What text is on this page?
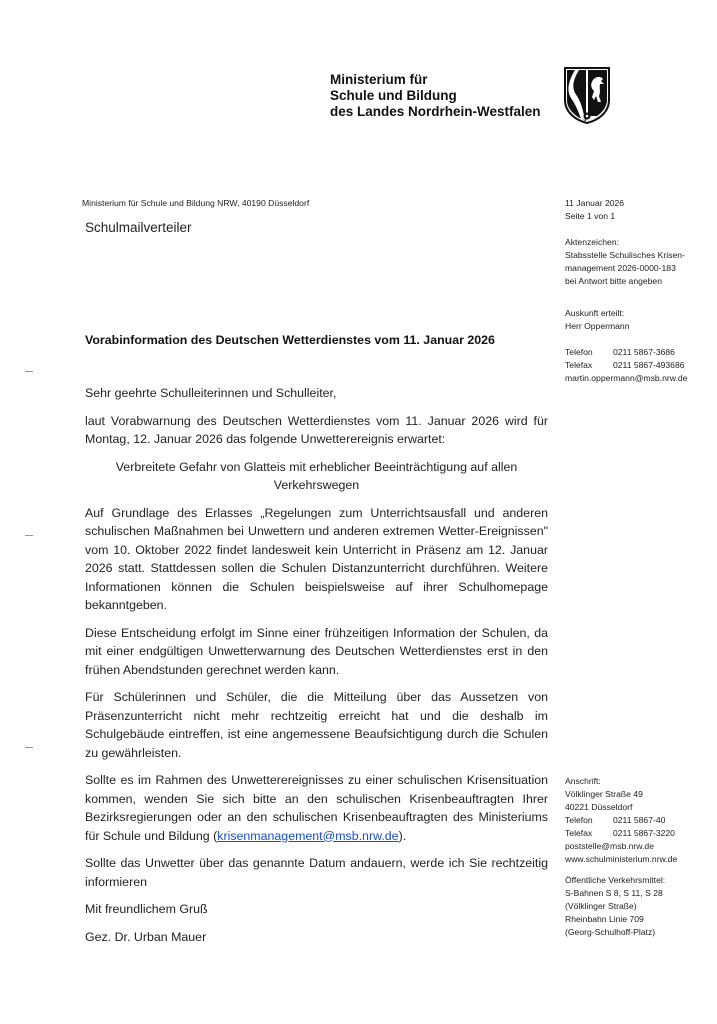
Ministerium für
Schule und Bildung
des Landes Nordrhein-Westfalen
Ministerium für Schule und Bildung NRW, 40190 Düsseldorf
Schulmailverteiler
11 Januar 2026
Seite 1 von 1
Aktenzeichen:
Stabsstelle Schulisches Krisen-
management 2026-0000-183
bei Antwort bitte angeben
Auskunft erteilt:
Herr Oppermann
Telefon	0211 5867-3686
Telefax	0211 5867-493686
martin.oppermann@msb.nrw.de
Anschrift:
Völklinger Straße 49
40221 Düsseldorf
Telefon	0211 5867-40
Telefax	0211 5867-3220
poststelle@msb.nrw.de
www.schulministerium.nrw.de
Öffentliche Verkehrsmittel:
S-Bahnen S 8, S 11, S 28
(Völklinger Straße)
Rheinbahn Linie 709
(Georg-Schulhoff-Platz)
Vorabinformation des Deutschen Wetterdienstes vom 11. Januar 2026

Sehr geehrte Schulleiterinnen und Schulleiter,

laut Vorabwarnung des Deutschen Wetterdienstes vom 11. Januar 2026 wird für Montag, 12. Januar 2026 das folgende Unwetterereignis erwartet:

Verbreitete Gefahr von Glatteis mit erheblicher Beeinträchtigung auf allen Verkehrswegen

Auf Grundlage des Erlasses „Regelungen zum Unterrichtsausfall und anderen schulischen Maßnahmen bei Unwettern und anderen extremen Wetter-Ereignissen" vom 10. Oktober 2022 findet landesweit kein Unterricht in Präsenz am 12. Januar 2026 statt. Stattdessen sollen die Schulen Distanzunterricht durchführen. Weitere Informationen können die Schulen beispielsweise auf ihrer Schulhomepage bekanntgeben.

Diese Entscheidung erfolgt im Sinne einer frühzeitigen Information der Schulen, da mit einer endgültigen Unwetterwarnung des Deutschen Wetterdienstes erst in den frühen Abendstunden gerechnet werden kann.

Für Schülerinnen und Schüler, die die Mitteilung über das Aussetzen von Präsenzunterricht nicht mehr rechtzeitig erreicht hat und die deshalb im Schulgebäude eintreffen, ist eine angemessene Beaufsichtigung durch die Schulen zu gewährleisten.

Sollte es im Rahmen des Unwetterereignisses zu einer schulischen Krisensituation kommen, wenden Sie sich bitte an den schulischen Krisenbeauftragten Ihrer Bezirksregierungen oder an den schulischen Krisenbeauftragten des Ministeriums für Schule und Bildung (krisenmanagement@msb.nrw.de).

Sollte das Unwetter über das genannte Datum andauern, werde ich Sie rechtzeitig informieren

Mit freundlichem Gruß

Gez. Dr. Urban Mauer
